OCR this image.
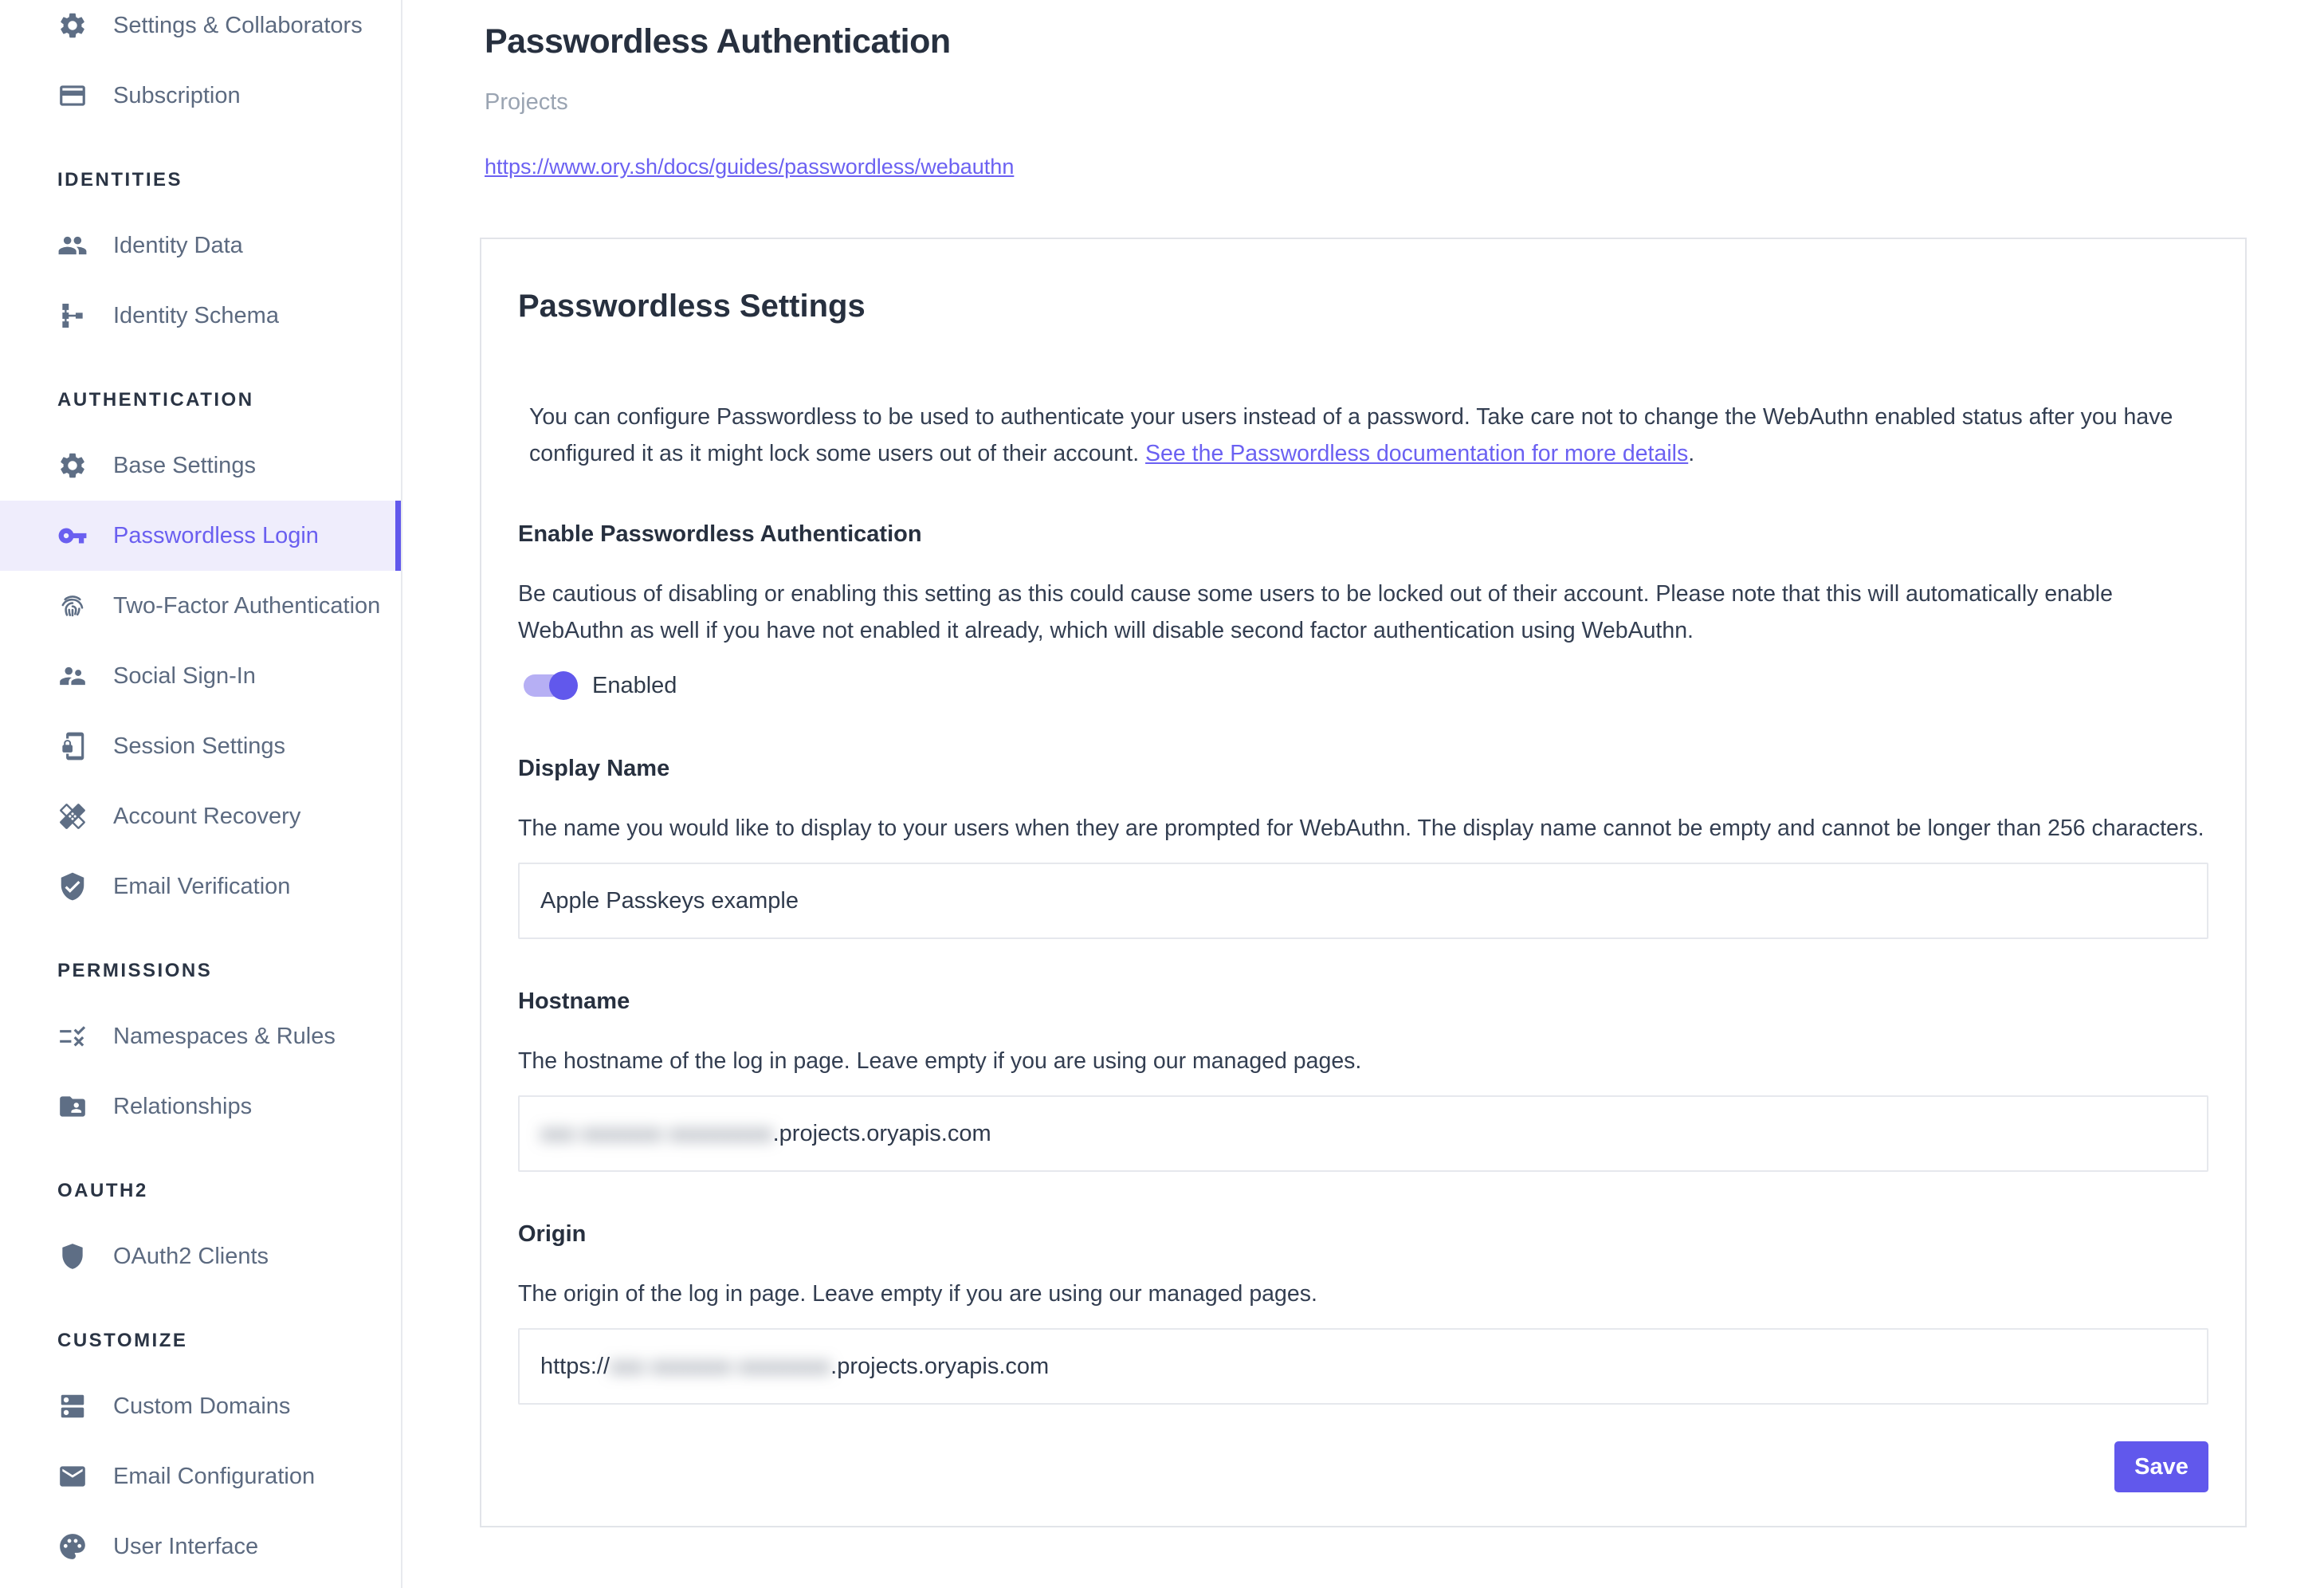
Settings & Collaborators
Subscription
IDENTITIES
Identity Data
Identity Schema
AUTHENTICATION
Base Settings
Passwordless Login
Two-Factor Authentication
Social Sign-In
Session Settings
Account Recovery
Email Verification
PERMISSIONS
Namespaces & Rules
Relationships
OAUTH2
OAuth2 Clients
CUSTOMIZE
Custom Domains
Email Configuration
User Interface
Passwordless Authentication
Projects
https://www.ory.sh/docs/guides/passwordless/webauthn
Passwordless Settings

You can configure Passwordless to be used to authenticate your users instead of a password. Take care not to change the WebAuthn enabled status after you have configured it as it might lock some users out of their account. See the Passwordless documentation for more details.

Enable Passwordless Authentication

Be cautious of disabling or enabling this setting as this could cause some users to be locked out of their account. Please note that this will automatically enable WebAuthn as well if you have not enabled it already, which will disable second factor authentication using WebAuthn.

Enabled
Display Name

The name you would like to display to your users when they are prompted for WebAuthn. The display name cannot be empty and cannot be longer than 256 characters.

Apple Passkeys example
Hostname

The hostname of the log in page. Leave empty if you are using our managed pages.

xxx xxxxxxx xxxxxxxxx .projects.oryapis.com
Origin

The origin of the log in page. Leave empty if you are using our managed pages.

https:// xxx xxxxxxx xxxxxxxx .projects.oryapis.com
Save
